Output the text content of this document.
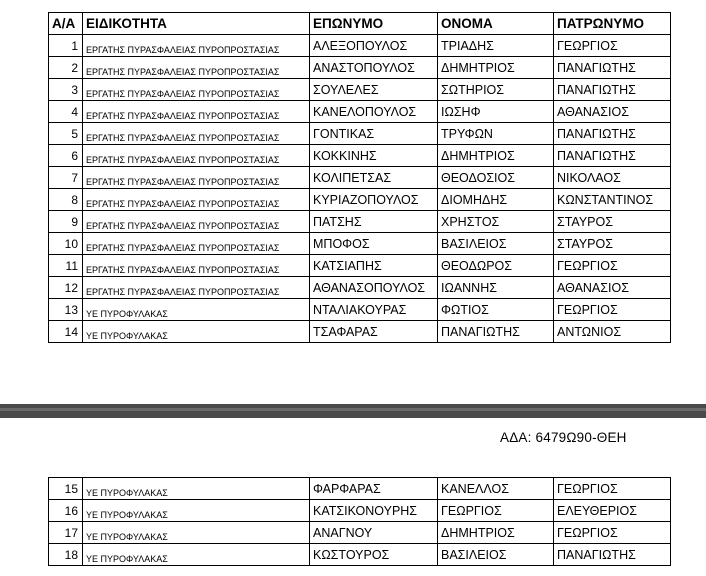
Α/Α	ΕΙΔΙΚΟΤΗΤΑ	ΕΠΩΝΥΜΟ	ΟΝΟΜΑ	ΠΑΤΡΩΝΥΜΟ
1	ΕΡΓΑΤΗΣ ΠΥΡΑΣΦΑΛΕΙΑΣ ΠΥΡΟΠΡΟΣΤΑΣΙΑΣ	ΑΛΕΞΟΠΟΥΛΟΣ	ΤΡΙΑΔΗΣ	ΓΕΩΡΓΙΟΣ
2	ΕΡΓΑΤΗΣ ΠΥΡΑΣΦΑΛΕΙΑΣ ΠΥΡΟΠΡΟΣΤΑΣΙΑΣ	ΑΝΑΣΤΟΠΟΥΛΟΣ	ΔΗΜΗΤΡΙΟΣ	ΠΑΝΑΓΙΩΤΗΣ
3	ΕΡΓΑΤΗΣ ΠΥΡΑΣΦΑΛΕΙΑΣ ΠΥΡΟΠΡΟΣΤΑΣΙΑΣ	ΣΟΥΛΕΛΕΣ	ΣΩΤΗΡΙΟΣ	ΠΑΝΑΓΙΩΤΗΣ
4	ΕΡΓΑΤΗΣ ΠΥΡΑΣΦΑΛΕΙΑΣ ΠΥΡΟΠΡΟΣΤΑΣΙΑΣ	ΚΑΝΕΛΟΠΟΥΛΟΣ	ΙΩΣΗΦ	ΑΘΑΝΑΣΙΟΣ
5	ΕΡΓΑΤΗΣ ΠΥΡΑΣΦΑΛΕΙΑΣ ΠΥΡΟΠΡΟΣΤΑΣΙΑΣ	ΓΟΝΤΙΚΑΣ	ΤΡΥΦΩΝ	ΠΑΝΑΓΙΩΤΗΣ
6	ΕΡΓΑΤΗΣ ΠΥΡΑΣΦΑΛΕΙΑΣ ΠΥΡΟΠΡΟΣΤΑΣΙΑΣ	ΚΟΚΚΙΝΗΣ	ΔΗΜΗΤΡΙΟΣ	ΠΑΝΑΓΙΩΤΗΣ
7	ΕΡΓΑΤΗΣ ΠΥΡΑΣΦΑΛΕΙΑΣ ΠΥΡΟΠΡΟΣΤΑΣΙΑΣ	ΚΟΛΙΠΕΤΣΑΣ	ΘΕΟΔΟΣΙΟΣ	ΝΙΚΟΛΑΟΣ
8	ΕΡΓΑΤΗΣ ΠΥΡΑΣΦΑΛΕΙΑΣ ΠΥΡΟΠΡΟΣΤΑΣΙΑΣ	ΚΥΡΙΑΖΟΠΟΥΛΟΣ	ΔΙΟΜΗΔΗΣ	ΚΩΝΣΤΑΝΤΙΝΟΣ
9	ΕΡΓΑΤΗΣ ΠΥΡΑΣΦΑΛΕΙΑΣ ΠΥΡΟΠΡΟΣΤΑΣΙΑΣ	ΠΑΤΣΗΣ	ΧΡΗΣΤΟΣ	ΣΤΑΥΡΟΣ
10	ΕΡΓΑΤΗΣ ΠΥΡΑΣΦΑΛΕΙΑΣ ΠΥΡΟΠΡΟΣΤΑΣΙΑΣ	ΜΠΟΦΟΣ	ΒΑΣΙΛΕΙΟΣ	ΣΤΑΥΡΟΣ
11	ΕΡΓΑΤΗΣ ΠΥΡΑΣΦΑΛΕΙΑΣ ΠΥΡΟΠΡΟΣΤΑΣΙΑΣ	ΚΑΤΣΙΑΠΗΣ	ΘΕΟΔΩΡΟΣ	ΓΕΩΡΓΙΟΣ
12	ΕΡΓΑΤΗΣ ΠΥΡΑΣΦΑΛΕΙΑΣ ΠΥΡΟΠΡΟΣΤΑΣΙΑΣ	ΑΘΑΝΑΣΟΠΟΥΛΟΣ	ΙΩΑΝΝΗΣ	ΑΘΑΝΑΣΙΟΣ
13	ΥΕ ΠΥΡΟΦΥΛΑΚΑΣ	ΝΤΑΛΙΑΚΟΥΡΑΣ	ΦΩΤΙΟΣ	ΓΕΩΡΓΙΟΣ
14	ΥΕ ΠΥΡΟΦΥΛΑΚΑΣ	ΤΣΑΦΑΡΑΣ	ΠΑΝΑΓΙΩΤΗΣ	ΑΝΤΩΝΙΟΣ
ΑΔΑ: 6479Ω90-ΘΕΗ
15	ΥΕ ΠΥΡΟΦΥΛΑΚΑΣ	ΦΑΡΦΑΡΑΣ	ΚΑΝΕΛΛΟΣ	ΓΕΩΡΓΙΟΣ
16	ΥΕ ΠΥΡΟΦΥΛΑΚΑΣ	ΚΑΤΣΙΚΟΝΟΥΡΗΣ	ΓΕΩΡΓΙΟΣ	ΕΛΕΥΘΕΡΙΟΣ
17	ΥΕ ΠΥΡΟΦΥΛΑΚΑΣ	ΑΝΑΓΝΟΥ	ΔΗΜΗΤΡΙΟΣ	ΓΕΩΡΓΙΟΣ
18	ΥΕ ΠΥΡΟΦΥΛΑΚΑΣ	ΚΩΣΤΟΥΡΟΣ	ΒΑΣΙΛΕΙΟΣ	ΠΑΝΑΓΙΩΤΗΣ
